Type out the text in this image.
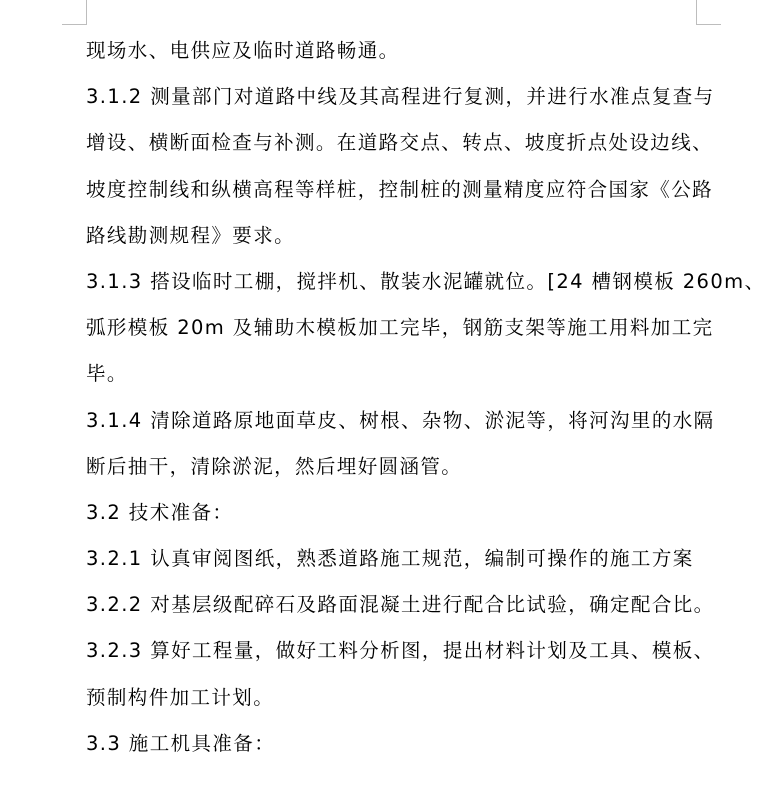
现场水、电供应及临时道路畅通。
3.1.2 测量部门对道路中线及其高程进行复测，并进行水准点复查与
增设、横断面检查与补测。在道路交点、转点、坡度折点处设边线、
坡度控制线和纵横高程等样桩，控制桩的测量精度应符合国家《公路
路线勘测规程》要求。
3.1.3 搭设临时工棚，搅拌机、散装水泥罐就位。[24 槽钢模板 260m、
弧形模板 20m 及辅助木模板加工完毕，钢筋支架等施工用料加工完
毕。
3.1.4 清除道路原地面草皮、树根、杂物、淤泥等，将河沟里的水隔
断后抽干，清除淤泥，然后埋好圆涵管。
3.2 技术准备：
3.2.1 认真审阅图纸，熟悉道路施工规范，编制可操作的施工方案
3.2.2 对基层级配碎石及路面混凝土进行配合比试验，确定配合比。
3.2.3 算好工程量，做好工料分析图，提出材料计划及工具、模板、
预制构件加工计划。
3.3 施工机具准备：
